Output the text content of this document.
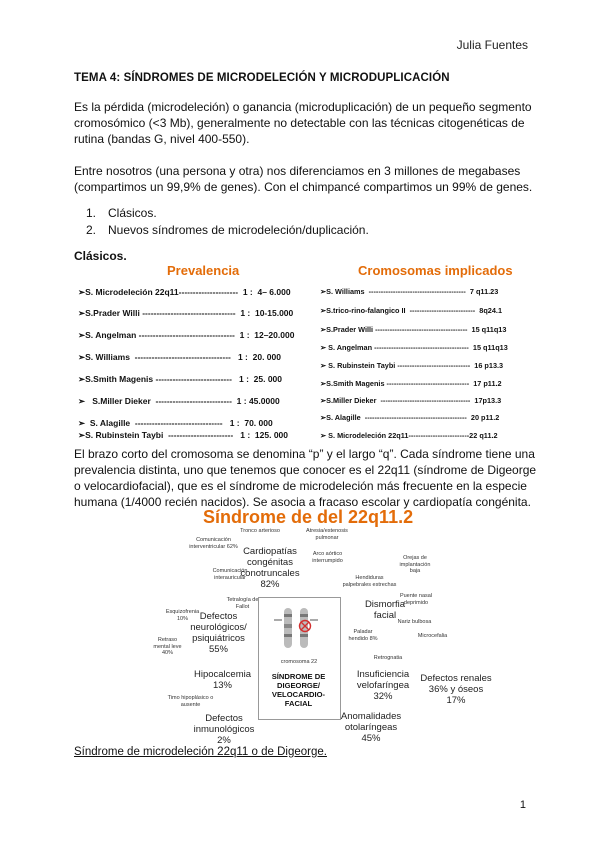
Julia Fuentes
TEMA 4: SÍNDROMES DE MICRODELECIÓN Y MICRODUPLICACIÓN
Es la pérdida (microdeleción) o ganancia (microduplicación) de un pequeño segmento cromosómico (<3 Mb), generalmente no detectable con las técnicas citogenéticas de rutina (bandas G, nivel 400-550).
Entre nosotros (una persona y otra) nos diferenciamos en 3 millones de megabases (compartimos un 99,9% de genes). Con el chimpancé compartimos un 99% de genes.
1. Clásicos.
2. Nuevos síndromes de microdeleción/duplicación.
Clásicos.
Prevalencia	Cromosomas implicados
➢S. Microdeleción 22q11---------------------  1 :  4– 6.000
➢S.Prader Willi ---------------------------------  1 :  10-15.000
➢S. Angelman ----------------------------------  1 :  12–20.000
➢S. Williams  ----------------------------------   1 :  20. 000
➢S.Smith Magenis ---------------------------   1 :  25. 000
➢   S.Miller Dieker  ---------------------------  1 : 45.0000
➢  S. Alagille  -------------------------------   1 :  70. 000
➢S. Rubinstein Taybi  -----------------------   1 :  125. 000
➢S. Williams  ----------------------------------------  7 q11.23
➢S.trico-rino-falangico II  ---------------------------  8q24.1
➢S.Prader Willi --------------------------------------  15 q11q13
➢ S. Angelman ---------------------------------------  15 q11q13
➢ S. Rubinstein Taybi ------------------------------  16 p13.3
➢S.Smith Magenis ----------------------------------  17 p11.2
➢S.Miller Dieker  -------------------------------------  17p13.3
➢S. Alagille  ------------------------------------------  20 p11.2
➢ S. Microdeleción 22q11-------------------------22 q11.2
El brazo corto del cromosoma se denomina “p” y el largo “q”. Cada síndrome tiene una prevalencia distinta, uno que tenemos que conocer es el 22q11 (síndrome de Digeorge o velocardiofacial), que es el síndrome de microdeleción más frecuente en la especie humana (1/4000 recién nacidos). Se asocia a fracaso escolar y cardiopatía congénita.
Síndrome de del 22q11.2
Tronco arterioso	Atresia/estenosis pulmonar
Comunicación interventricular 62% Cardiopatías congénitas conotruncales 82%
Arco aórtico interrumpido	Orejas de implantación baja
Comunicación interauricular	Hendiduras palpebrales estrechas
Tetralogía de Fallot
Puente nasal deprimido
Esquizofrenia 10%
Dismorfia facial
Nariz bulbosa
Defectos neurológicos/ psiquiátricos 55%
Paladar hendido 8%	Microcefalia
Retraso mental leve 40%
Retrognatia
Hipocalcemia 13%
Insuficiencia velofaríngea 32%
Defectos renales 36% y óseos 17%
Timo hipoplásico o ausente
Defectos inmunológicos 2%
Anomalidades otolaríngeas 45%
cromosoma 22
SÍNDROME DE DIGEORGE/ VELOCARDIO- FACIAL
Síndrome de microdeleción 22q11 o de Digeorge.
1
